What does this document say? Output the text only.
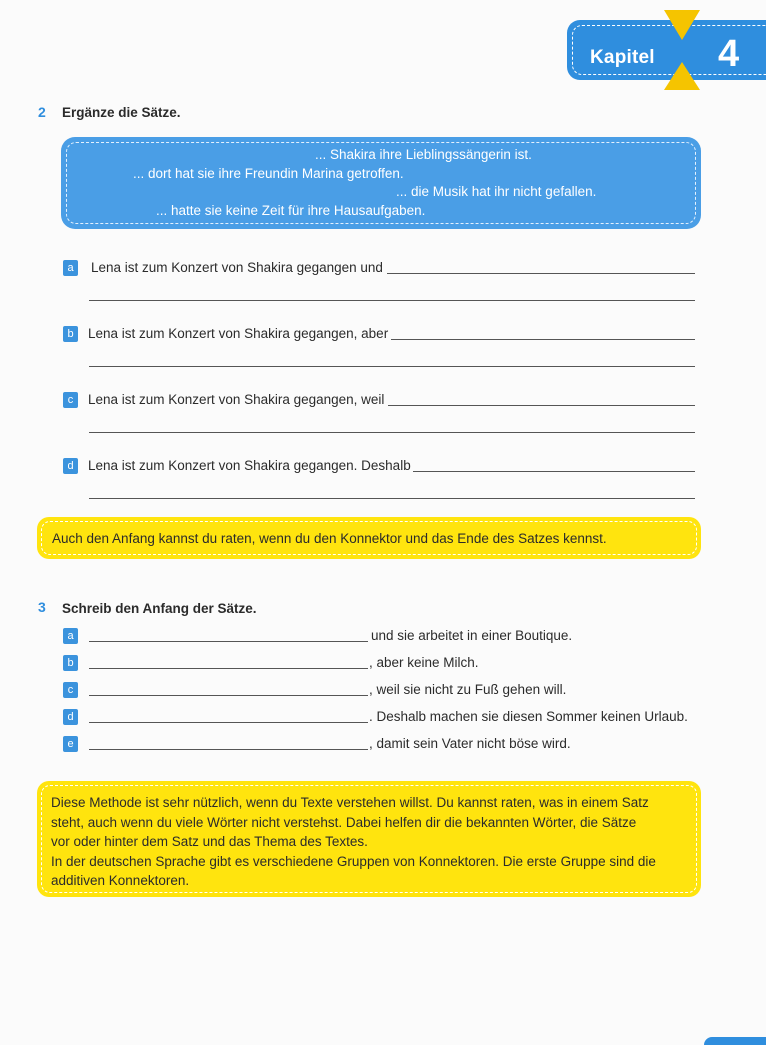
Kapitel 4
2 Ergänze die Sätze.
... Shakira ihre Lieblingssängerin ist.
... dort hat sie ihre Freundin Marina getroffen.
... die Musik hat ihr nicht gefallen.
... hatte sie keine Zeit für ihre Hausaufgaben.
a	Lena ist zum Konzert von Shakira gegangen und
b	Lena ist zum Konzert von Shakira gegangen, aber
c	Lena ist zum Konzert von Shakira gegangen, weil
d	Lena ist zum Konzert von Shakira gegangen. Deshalb
Auch den Anfang kannst du raten, wenn du den Konnektor und das Ende des Satzes kennst.
3 Schreib den Anfang der Sätze.
a	und sie arbeitet in einer Boutique.
b	, aber keine Milch.
c	, weil sie nicht zu Fuß gehen will.
d	. Deshalb machen sie diesen Sommer keinen Urlaub.
e	, damit sein Vater nicht böse wird.
Diese Methode ist sehr nützlich, wenn du Texte verstehen willst. Du kannst raten, was in einem Satz
steht, auch wenn du viele Wörter nicht verstehst. Dabei helfen dir die bekannten Wörter, die Sätze
vor oder hinter dem Satz und das Thema des Textes.
In der deutschen Sprache gibt es verschiedene Gruppen von Konnektoren. Die erste Gruppe sind die
additiven Konnektoren.
